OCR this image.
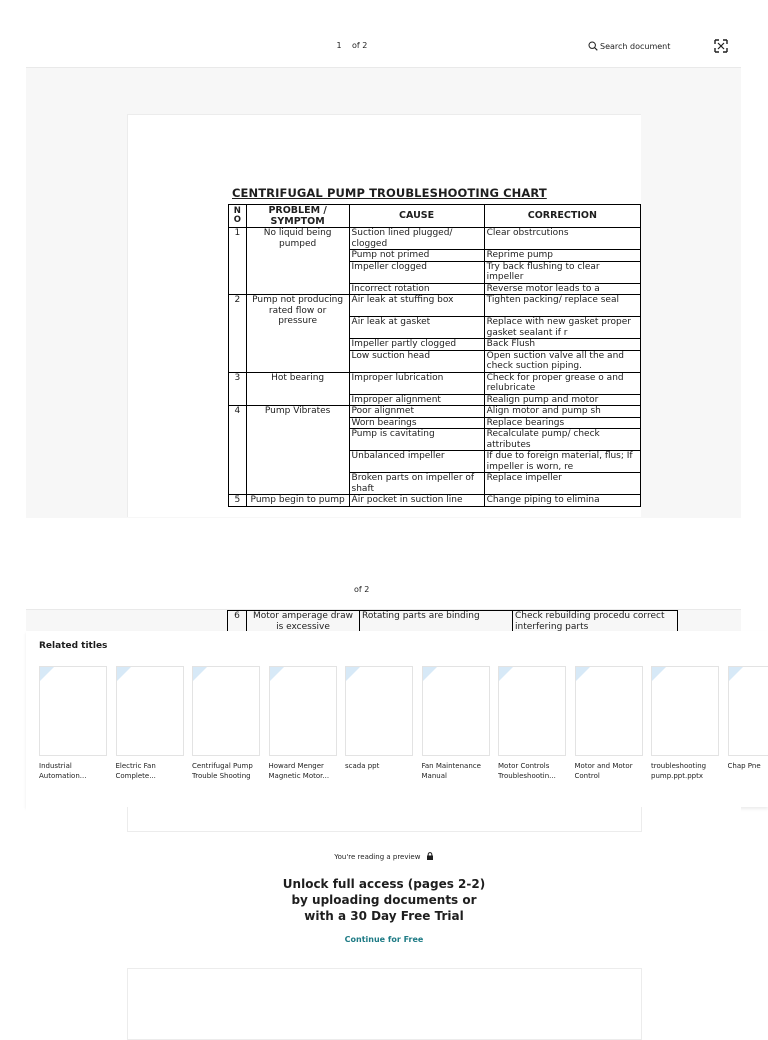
1
of 2	Search document
CENTRIFUGAL PUMP TROUBLESHOOTING CHART
N O	PROBLEM / SYMPTOM	CAUSE	CORRECTION
1	No liquid being pumped	Suction lined plugged/ clogged	Clear obstrcutions
		Pump not primed	Reprime pump
		Impeller clogged	Try back flushing to clear impeller
		Incorrect rotation	Reverse motor leads to a
2	Pump not producing rated flow or pressure	Air leak at stuffing box	Tighten packing/ replace seal
		Air leak at gasket	Replace with new gasket proper gasket sealant if r
		Impeller partly clogged	Back Flush
		Low suction head	Open suction valve all the and check suction piping.
3	Hot bearing	Improper lubrication	Check for proper grease o and relubricate
		Improper alignment	Realign pump and motor
4	Pump Vibrates	Poor alignmet	Align motor and pump sh
		Worn bearings	Replace bearings
		Pump is cavitating	Recalculate pump/ check attributes
		Unbalanced impeller	If due to foreign material, flus; If impeller is worn, re
		Broken parts on impeller of shaft	Replace impeller
5	Pump begin to pump	Air pocket in suction line	Change piping to elimina
of 2
6	Motor amperage draw is excessive	Rotating parts are binding	Check rebuilding procedu correct interfering parts
Related titles
Industrial Automation...
Electric Fan Complete...
Centrifugal Pump Trouble Shooting
Howard Menger Magnetic Motor...
scada ppt	Fan Maintenance Manual
Motor Controls Troubleshootin...
Motor and Motor Control
troubleshooting pump.ppt.pptx
Chap Pne
You're reading a preview
Unlock full access (pages 2-2) by uploading documents or with a 30 Day Free Trial
Continue for Free
